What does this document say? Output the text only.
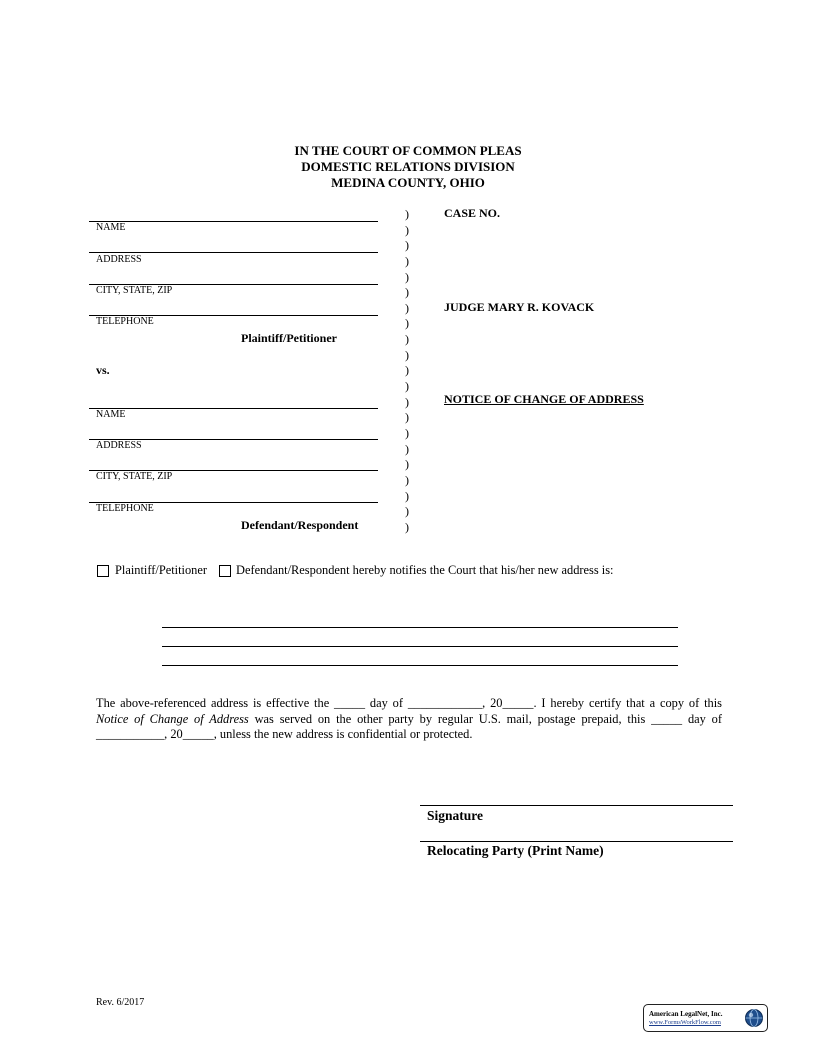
IN THE COURT OF COMMON PLEAS
DOMESTIC RELATIONS DIVISION
MEDINA COUNTY, OHIO
NAME
ADDRESS
CITY, STATE, ZIP
TELEPHONE
Plaintiff/Petitioner
vs.
NAME
ADDRESS
CITY, STATE, ZIP
TELEPHONE
Defendant/Respondent
)
)
)
)
)
)
)
)
)
)
)
)
)
)
)
)
)
)
)
)
)
CASE NO.
JUDGE MARY R. KOVACK
NOTICE OF CHANGE OF ADDRESS
Plaintiff/Petitioner Defendant/Respondent hereby notifies the Court that his/her new address is:
The above-referenced address is effective the _____ day of ____________, 20_____. I hereby certify that a copy of this Notice of Change of Address was served on the other party by regular U.S. mail, postage prepaid, this _____ day of ___________, 20_____, unless the new address is confidential or protected.
Signature
Relocating Party (Print Name)
Rev. 6/2017
American LegalNet, Inc.
www.FormsWorkFlow.com
